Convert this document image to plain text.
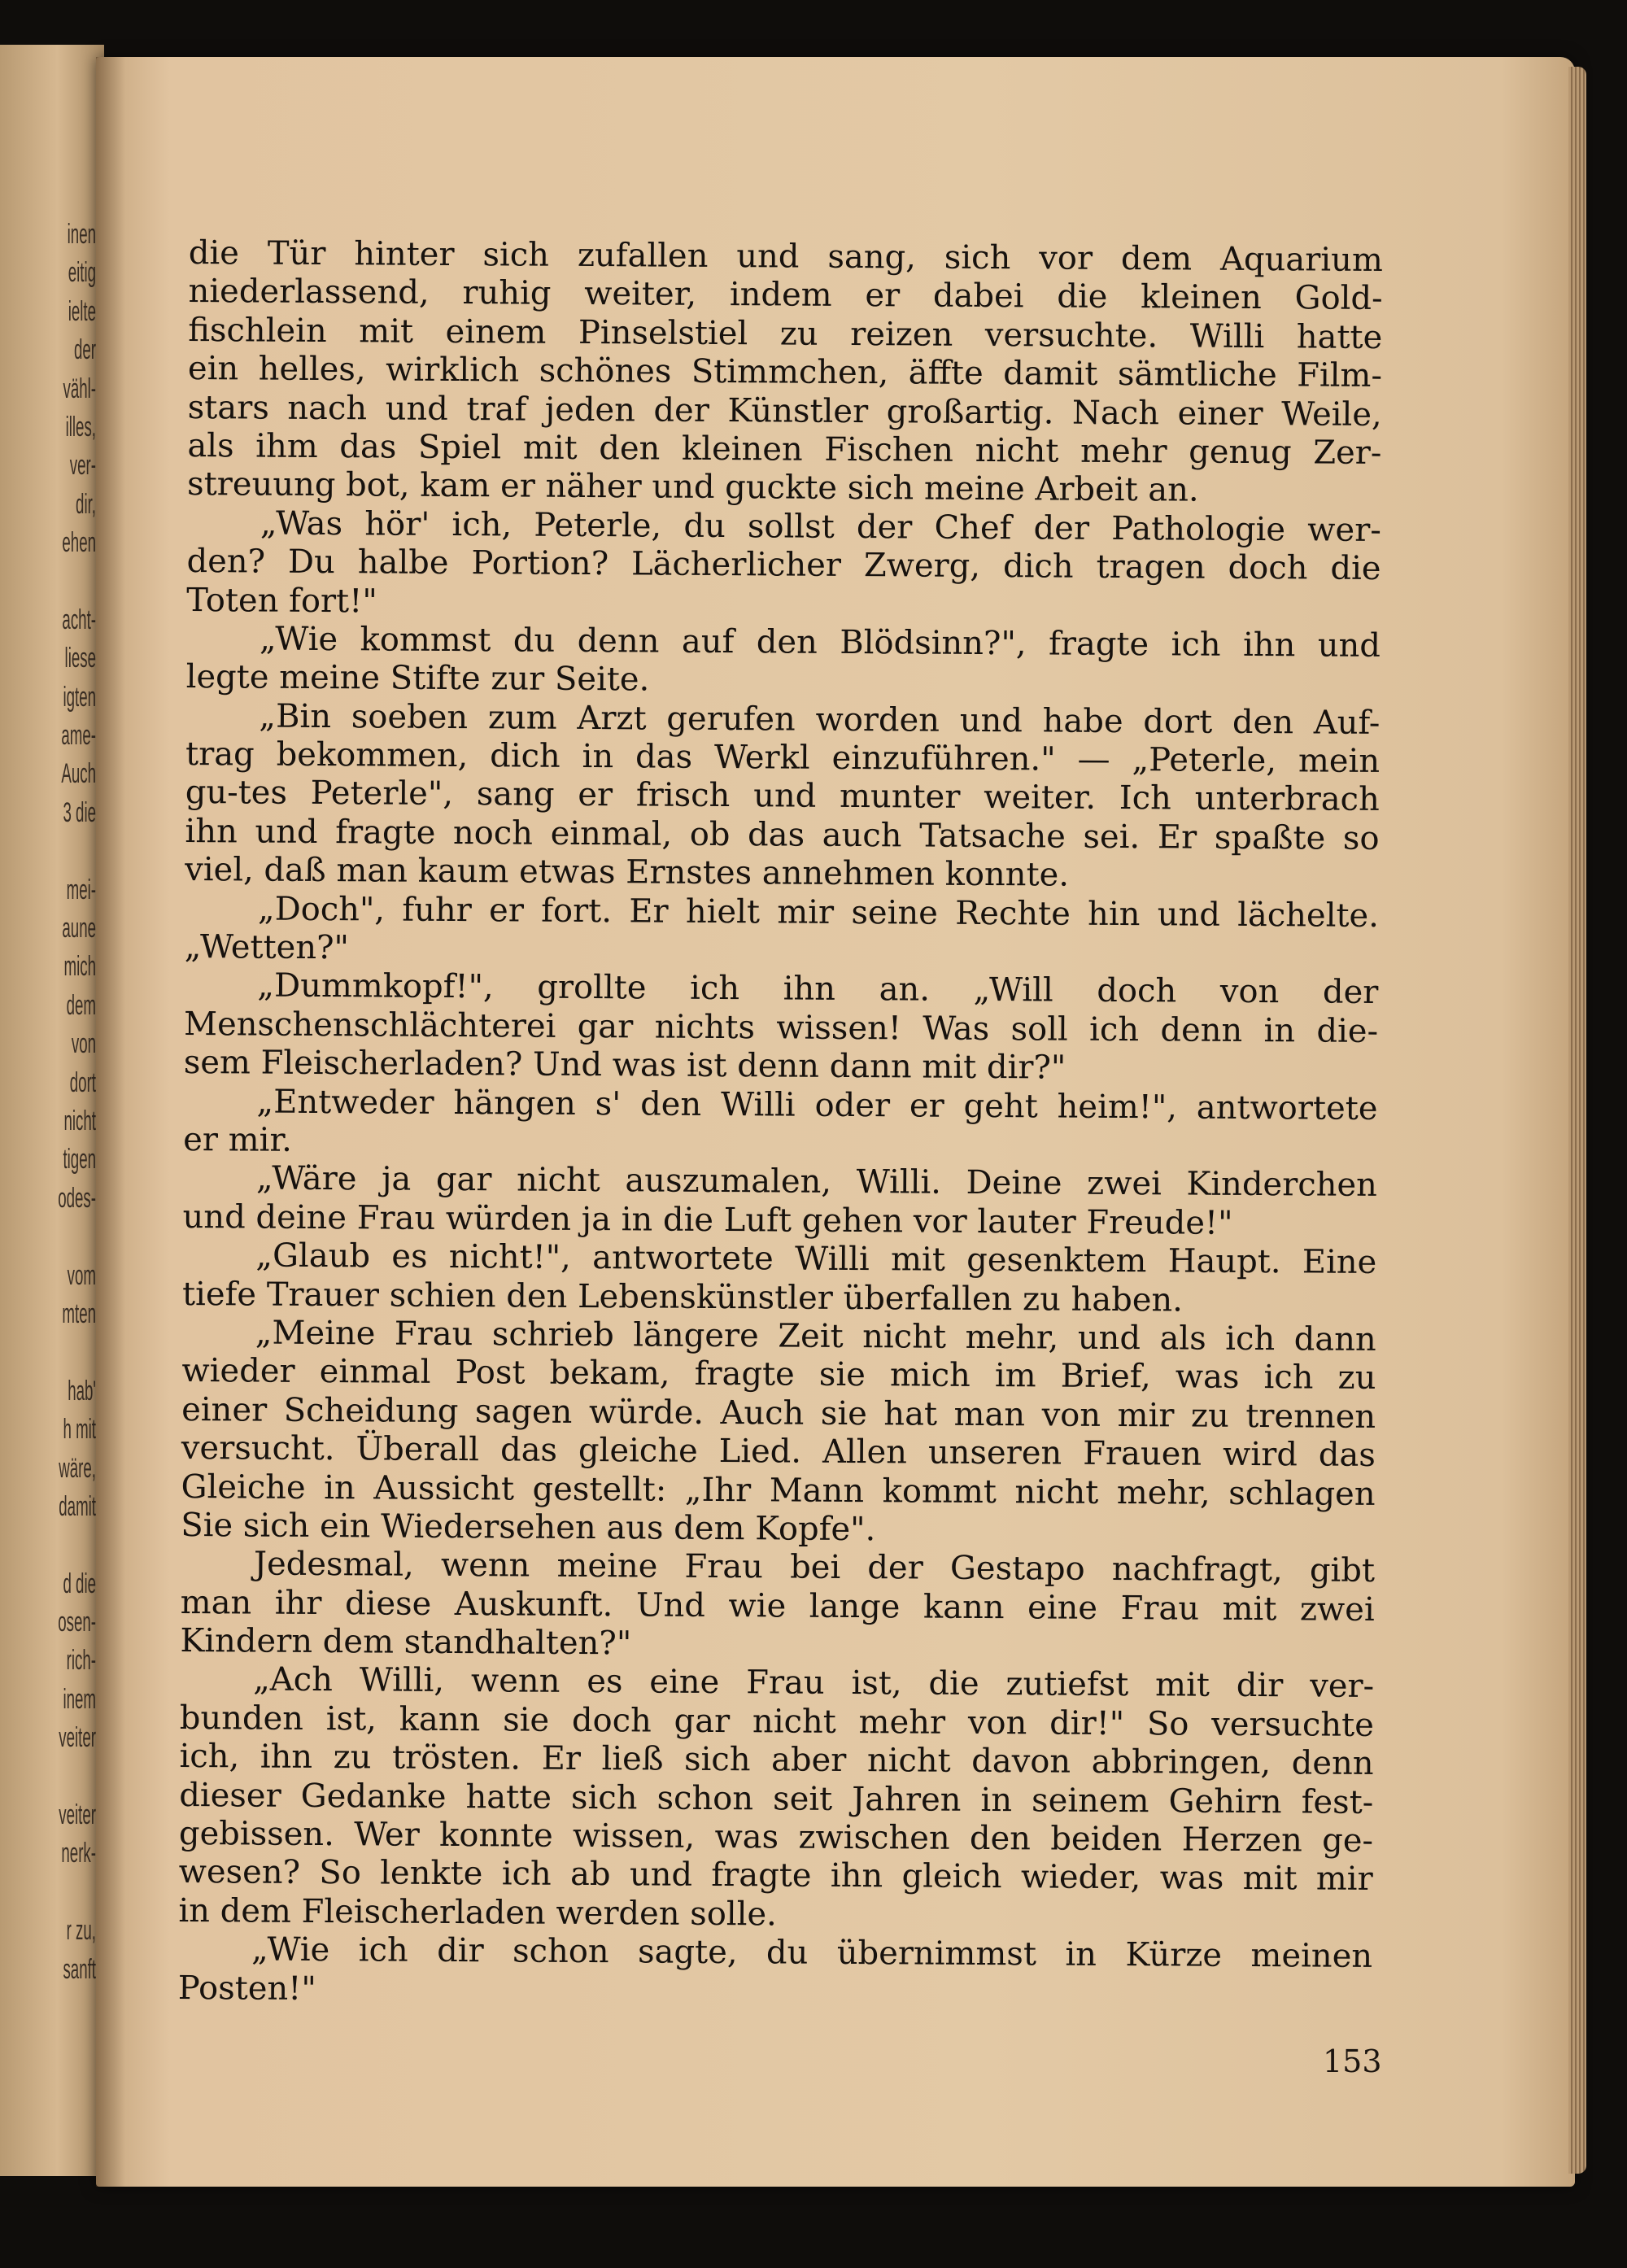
inen
eitig
ielte
der
vähl-
illes,
ver-
dir,
ehen
acht-
liese
igten
ame-
Auch
3 die
mei-
aune
mich
dem
von
dort
nicht
tigen
odes-
vom
mten
hab'
h mit
wäre,
damit
d die
osen-
rich-
inem
veiter
veiter
nerk-
r zu,
sanft
die Tür hinter sich zufallen und sang, sich vor dem Aquarium
niederlassend, ruhig weiter, indem er dabei die kleinen Gold-
fischlein mit einem Pinselstiel zu reizen versuchte. Willi hatte
ein helles, wirklich schönes Stimmchen, äffte damit sämtliche Film-
stars nach und traf jeden der Künstler großartig. Nach einer Weile,
als ihm das Spiel mit den kleinen Fischen nicht mehr genug Zer-
streuung bot, kam er näher und guckte sich meine Arbeit an.
„Was hör' ich, Peterle, du sollst der Chef der Pathologie wer-
den? Du halbe Portion? Lächerlicher Zwerg, dich tragen doch die
Toten fort!"
„Wie kommst du denn auf den Blödsinn?", fragte ich ihn und
legte meine Stifte zur Seite.
„Bin soeben zum Arzt gerufen worden und habe dort den Auf-
trag bekommen, dich in das Werkl einzuführen." — „Peterle, mein
gu-tes Peterle", sang er frisch und munter weiter. Ich unterbrach
ihn und fragte noch einmal, ob das auch Tatsache sei. Er spaßte so
viel, daß man kaum etwas Ernstes annehmen konnte.
„Doch", fuhr er fort. Er hielt mir seine Rechte hin und lächelte.
„Wetten?"
„Dummkopf!", grollte ich ihn an. „Will doch von der
Menschenschlächterei gar nichts wissen! Was soll ich denn in die-
sem Fleischerladen? Und was ist denn dann mit dir?"
„Entweder hängen s' den Willi oder er geht heim!", antwortete
er mir.
„Wäre ja gar nicht auszumalen, Willi. Deine zwei Kinderchen
und deine Frau würden ja in die Luft gehen vor lauter Freude!"
„Glaub es nicht!", antwortete Willi mit gesenktem Haupt. Eine
tiefe Trauer schien den Lebenskünstler überfallen zu haben.
„Meine Frau schrieb längere Zeit nicht mehr, und als ich dann
wieder einmal Post bekam, fragte sie mich im Brief, was ich zu
einer Scheidung sagen würde. Auch sie hat man von mir zu trennen
versucht. Überall das gleiche Lied. Allen unseren Frauen wird das
Gleiche in Aussicht gestellt: „Ihr Mann kommt nicht mehr, schlagen
Sie sich ein Wiedersehen aus dem Kopfe".
Jedesmal, wenn meine Frau bei der Gestapo nachfragt, gibt
man ihr diese Auskunft. Und wie lange kann eine Frau mit zwei
Kindern dem standhalten?"
„Ach Willi, wenn es eine Frau ist, die zutiefst mit dir ver-
bunden ist, kann sie doch gar nicht mehr von dir!" So versuchte
ich, ihn zu trösten. Er ließ sich aber nicht davon abbringen, denn
dieser Gedanke hatte sich schon seit Jahren in seinem Gehirn fest-
gebissen. Wer konnte wissen, was zwischen den beiden Herzen ge-
wesen? So lenkte ich ab und fragte ihn gleich wieder, was mit mir
in dem Fleischerladen werden solle.
„Wie ich dir schon sagte, du übernimmst in Kürze meinen
Posten!"
153
